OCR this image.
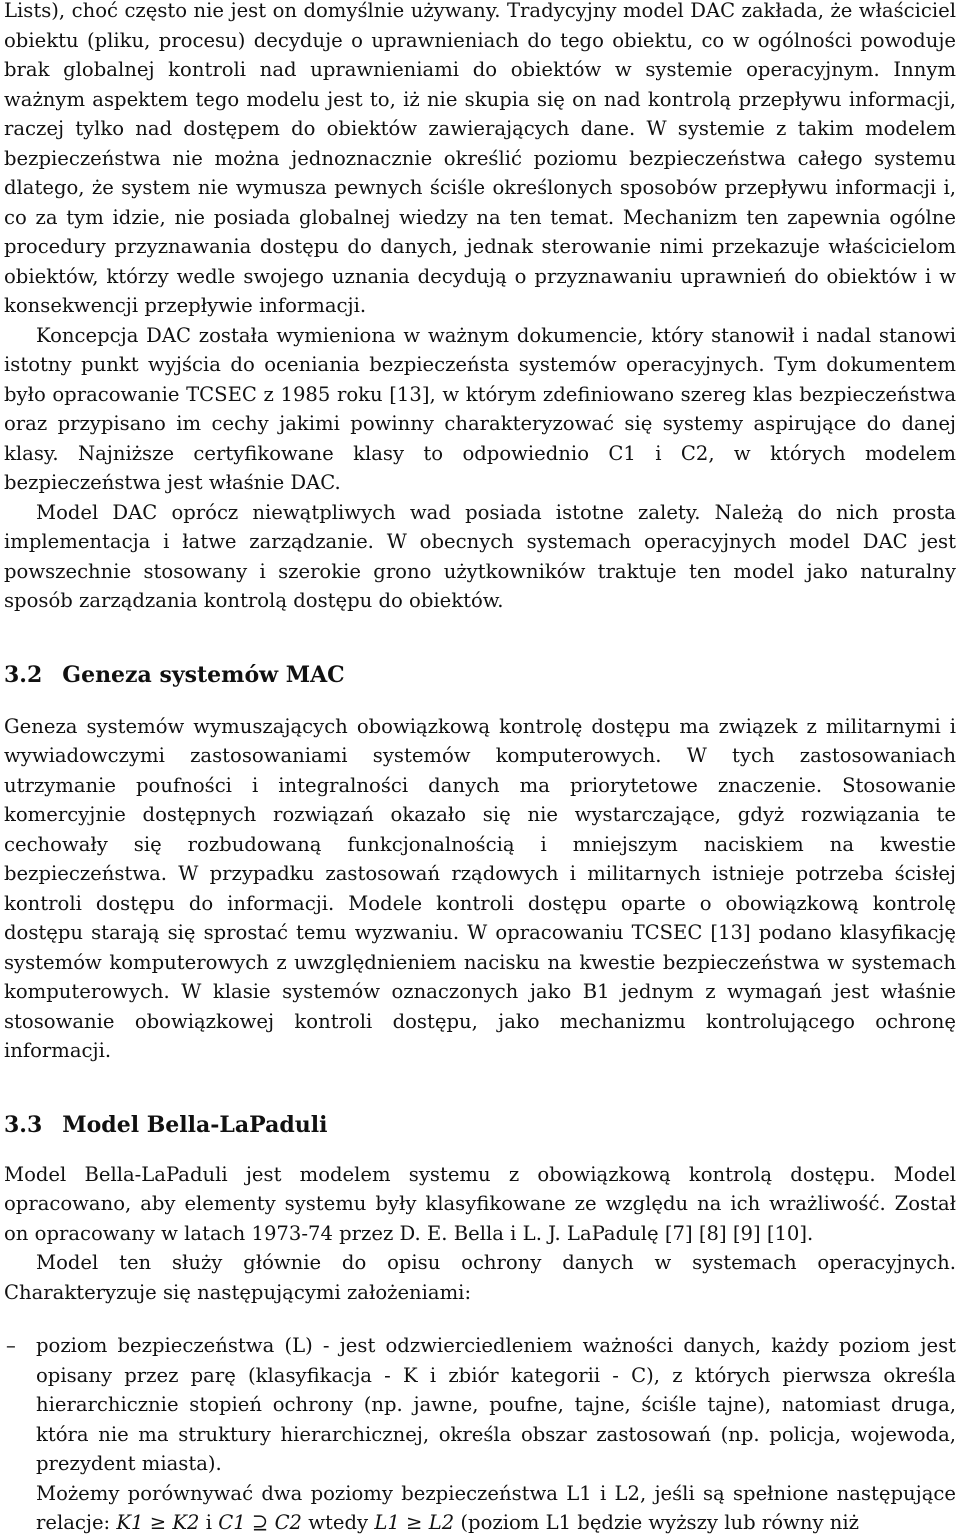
Lists), choć często nie jest on domyślnie używany. Tradycyjny model DAC zakłada, że właściciel obiektu (pliku, procesu) decyduje o uprawnieniach do tego obiektu, co w ogólności powoduje brak globalnej kontroli nad uprawnieniami do obiektów w systemie operacyjnym. Innym ważnym aspektem tego modelu jest to, iż nie skupia się on nad kontrolą przepływu informacji, raczej tylko nad dostępem do obiektów zawierających dane. W systemie z takim modelem bezpieczeństwa nie można jednoznacznie określić poziomu bezpieczeństwa całego systemu dlatego, że system nie wymusza pewnych ściśle określonych sposobów przepływu informacji i, co za tym idzie, nie posiada globalnej wiedzy na ten temat. Mechanizm ten zapewnia ogólne procedury przyznawania dostępu do danych, jednak sterowanie nimi przekazuje właścicielom obiektów, którzy wedle swojego uznania decydują o przyznawaniu uprawnień do obiektów i w konsekwencji przepływie informacji.

Koncepcja DAC została wymieniona w ważnym dokumencie, który stanowił i nadal stanowi istotny punkt wyjścia do oceniania bezpieczeństa systemów operacyjnych. Tym dokumentem było opracowanie TCSEC z 1985 roku [13], w którym zdefiniowano szereg klas bezpieczeństwa oraz przypisano im cechy jakimi powinny charakteryzować się systemy aspirujące do danej klasy. Najniższe certyfikowane klasy to odpowiednio C1 i C2, w których modelem bezpieczeństwa jest właśnie DAC.

Model DAC oprócz niewątpliwych wad posiada istotne zalety. Należą do nich prosta implementacja i łatwe zarządzanie. W obecnych systemach operacyjnych model DAC jest powszechnie stosowany i szerokie grono użytkowników traktuje ten model jako naturalny sposób zarządzania kontrolą dostępu do obiektów.

3.2 Geneza systemów MAC

Geneza systemów wymuszających obowiązkową kontrolę dostępu ma związek z militarnymi i wywiadowczymi zastosowaniami systemów komputerowych. W tych zastosowaniach utrzymanie poufności i integralności danych ma priorytetowe znaczenie. Stosowanie komercyjnie dostępnych rozwiązań okazało się nie wystarczające, gdyż rozwiązania te cechowały się rozbudowaną funkcjonalnością i mniejszym naciskiem na kwestie bezpieczeństwa. W przypadku zastosowań rządowych i militarnych istnieje potrzeba ścisłej kontroli dostępu do informacji. Modele kontroli dostępu oparte o obowiązkową kontrolę dostępu starają się sprostać temu wyzwaniu. W opracowaniu TCSEC [13] podano klasyfikację systemów komputerowych z uwzględnieniem nacisku na kwestie bezpieczeństwa w systemach komputerowych. W klasie systemów oznaczonych jako B1 jednym z wymagań jest właśnie stosowanie obowiązkowej kontroli dostępu, jako mechanizmu kontrolującego ochronę informacji.

3.3 Model Bella-LaPaduli

Model Bella-LaPaduli jest modelem systemu z obowiązkową kontrolą dostępu. Model opracowano, aby elementy systemu były klasyfikowane ze względu na ich wrażliwość. Został on opracowany w latach 1973-74 przez D. E. Bella i L. J. LaPadulę [7] [8] [9] [10].

Model ten służy głównie do opisu ochrony danych w systemach operacyjnych. Charakteryzuje się następującymi założeniami:

– poziom bezpieczeństwa (L) - jest odzwierciedleniem ważności danych, każdy poziom jest opisany przez parę (klasyfikacja - K i zbiór kategorii - C), z których pierwsza określa hierarchicznie stopień ochrony (np. jawne, poufne, tajne, ściśle tajne), natomiast druga, która nie ma struktury hierarchicznej, określa obszar zastosowań (np. policja, wojewoda, prezydent miasta).
Możemy porównywać dwa poziomy bezpieczeństwa L1 i L2, jeśli są spełnione następujące relacje: K1 ≥ K2 i C1 ⊇ C2 wtedy L1 ≥ L2 (poziom L1 będzie wyższy lub równy niż
